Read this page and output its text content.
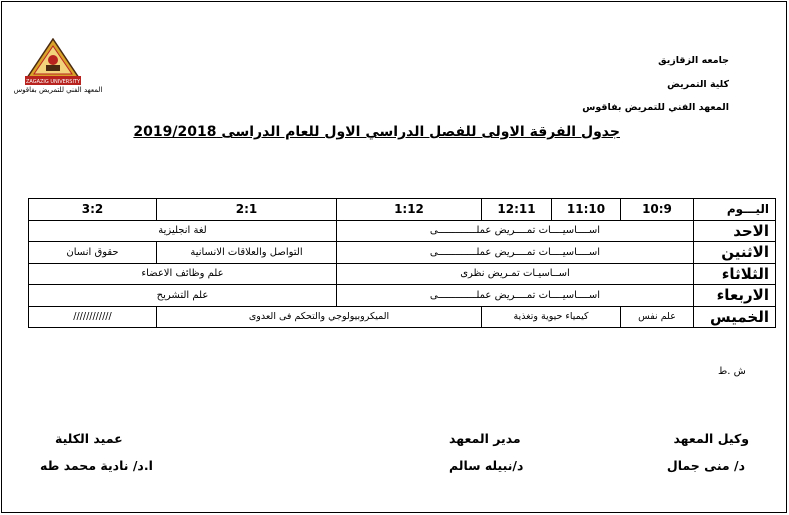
ZAGAZIG UNIVERSITY
المعهد الفني للتمريض بفاقوس
جامعه الزقازيق
كلية التمريض
المعهد الفني للتمريض بفاقوس
جدول الفرقة الاولى للفصل الدراسي الاول للعام الدراسى 2019/2018
اليـــوم	10:9	11:10	12:11	1:12	2:1	3:2
الاحد	اســــاسيــــات تمــــريض عملـــــــــــــى				لغة انجليزية	
الاثنين	اســــاسيــــات تمــــريض عملـــــــــــــى				التواصل والعلاقات الانسانية	حقوق انسان
الثلاثاء	اســاسيـات تمـريض نظرى				علم وظائف الاعضاء	
الاربعاء	اســــاسيــــات تمــــريض عملـــــــــــــى				علم التشريح	
الخميس	علم نفس	كيمياء حيوية وتغذية		الميكروبيولوجي والتحكم فى العدوى		////////////
ش .ط
وكيل المعهد
د/ منى جمال
مدير المعهد
د/نبيله سالم
عميد الكلية
ا.د/ نادية محمد طه
